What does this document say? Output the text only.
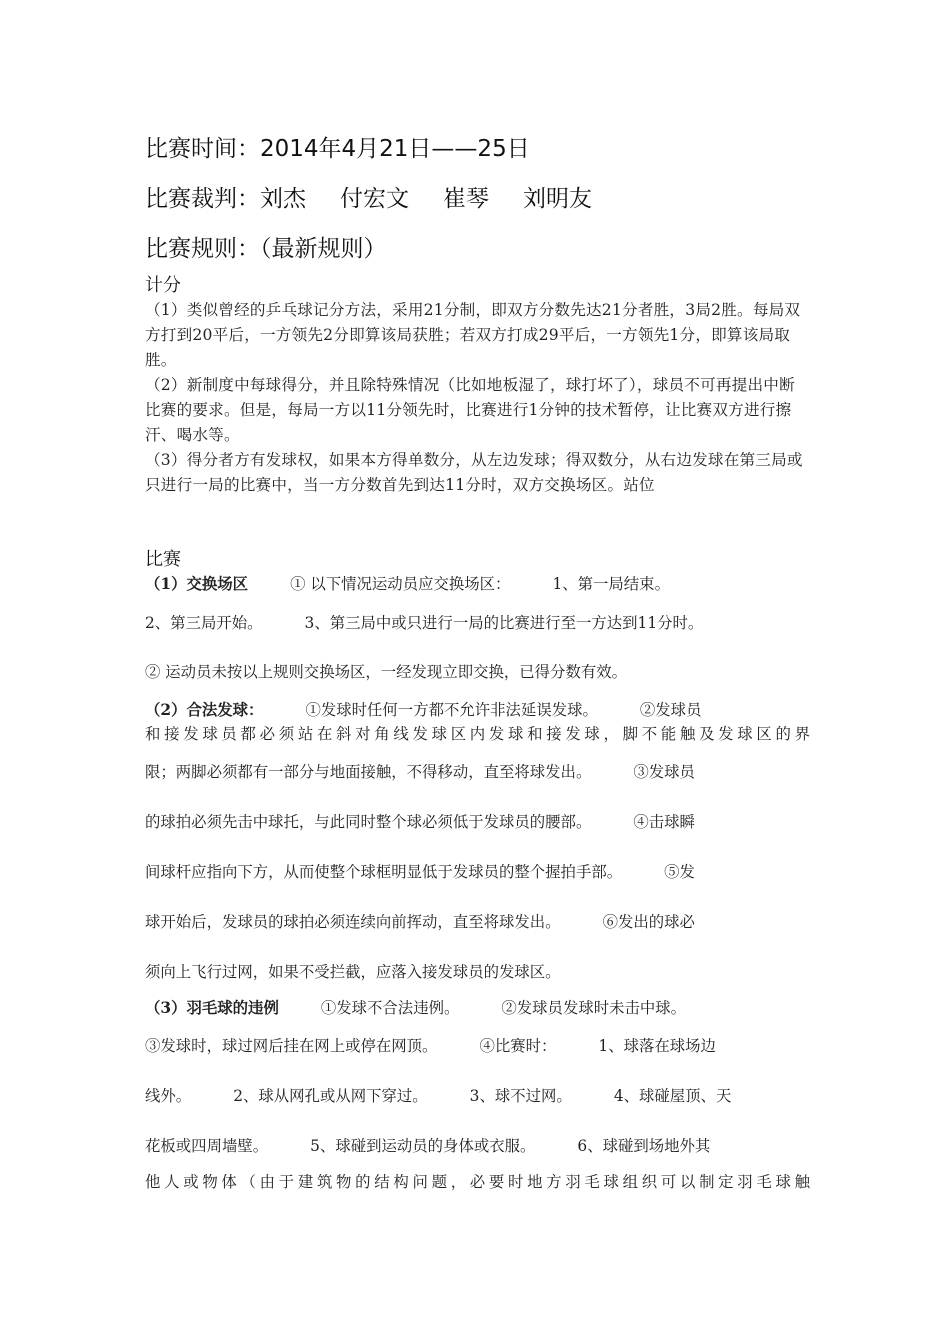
比赛时间：2014年4月21日——25日
比赛裁判：刘杰 付宏文 崔琴 刘明友
比赛规则：（最新规则）
计分

（1）类似曾经的乒乓球记分方法，采用21分制，即双方分数先达21分者胜，3局2胜。每局双方打到20平后，一方领先2分即算该局获胜；若双方打成29平后，一方领先1分，即算该局取胜。

（2）新制度中每球得分，并且除特殊情况（比如地板湿了，球打坏了），球员不可再提出中断比赛的要求。但是，每局一方以11分领先时，比赛进行1分钟的技术暂停，让比赛双方进行擦汗、喝水等。

（3）得分者方有发球权，如果本方得单数分，从左边发球；得双数分，从右边发球在第三局或只进行一局的比赛中，当一方分数首先到达11分时，双方交换场区。站位

比赛
（1）交换场区	① 以下情况运动员应交换场区：	1、第一局结束。
2、第三局开始。	3、第三局中或只进行一局的比赛进行至一方达到11分时。
② 运动员未按以上规则交换场区，一经发现立即交换，已得分数有效。
（2）合法发球：	①发球时任何一方都不允许非法延误发球。	②发球员
和接发球员都必须站在斜对角线发球区内发球和接发球，脚不能触及发球区的界
限；两脚必须都有一部分与地面接触，不得移动，直至将球发出。	③发球员
的球拍必须先击中球托，与此同时整个球必须低于发球员的腰部。	④击球瞬
间球杆应指向下方，从而使整个球框明显低于发球员的整个握拍手部。	⑤发
球开始后，发球员的球拍必须连续向前挥动，直至将球发出。	⑥发出的球必
须向上飞行过网，如果不受拦截，应落入接发球员的发球区。
（3）羽毛球的违例	①发球不合法违例。	②发球员发球时未击中球。
③发球时，球过网后挂在网上或停在网顶。	④比赛时：	1、球落在球场边
线外。	2、球从网孔或从网下穿过。	3、球不过网。	4、球碰屋顶、天
花板或四周墙壁。	5、球碰到运动员的身体或衣服。	6、球碰到场地外其
他人或物体（由于建筑物的结构问题，必要时地方羽毛球组织可以制定羽毛球触
